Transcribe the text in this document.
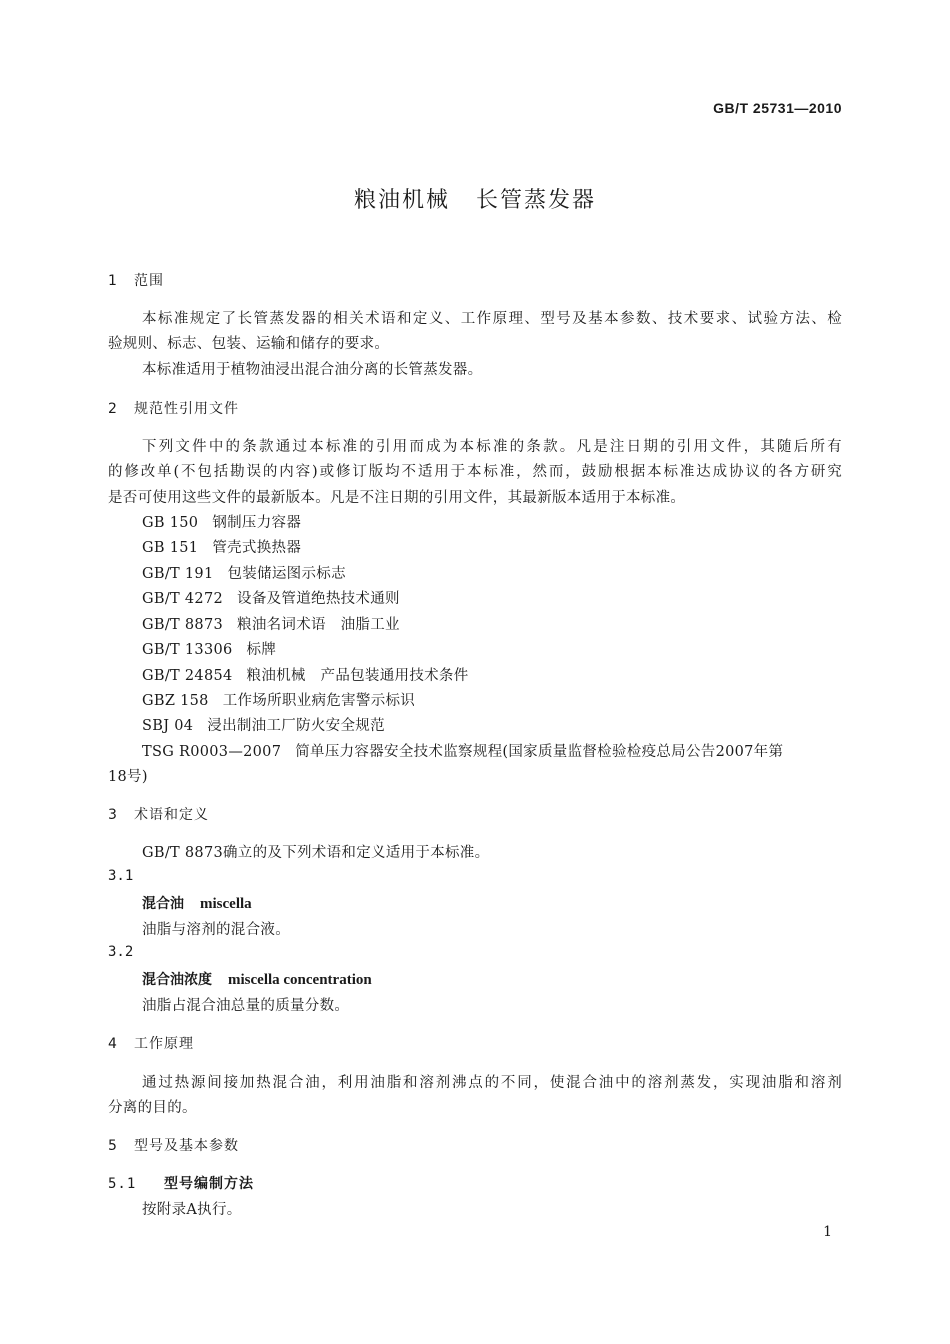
GB/T 25731—2010
粮油机械 长管蒸发器
1 范围
本标准规定了长管蒸发器的相关术语和定义、工作原理、型号及基本参数、技术要求、试验方法、检
验规则、标志、包装、运输和储存的要求。
本标准适用于植物油浸出混合油分离的长管蒸发器。
2 规范性引用文件
下列文件中的条款通过本标准的引用而成为本标准的条款。凡是注日期的引用文件，其随后所有
的修改单(不包括勘误的内容)或修订版均不适用于本标准，然而，鼓励根据本标准达成协议的各方研究
是否可使用这些文件的最新版本。凡是不注日期的引用文件，其最新版本适用于本标准。
GB 150 钢制压力容器
GB 151 管壳式换热器
GB/T 191 包装储运图示标志
GB/T 4272 设备及管道绝热技术通则
GB/T 8873 粮油名词术语　油脂工业
GB/T 13306 标牌
GB/T 24854 粮油机械　产品包装通用技术条件
GBZ 158 工作场所职业病危害警示标识
SBJ 04 浸出制油工厂防火安全规范
TSG R0003—2007 简单压力容器安全技术监察规程(国家质量监督检验检疫总局公告2007年第
18号)
3 术语和定义
GB/T 8873确立的及下列术语和定义适用于本标准。
3.1
混合油 miscella
油脂与溶剂的混合液。
3.2
混合油浓度 miscella concentration
油脂占混合油总量的质量分数。
4 工作原理
通过热源间接加热混合油，利用油脂和溶剂沸点的不同，使混合油中的溶剂蒸发，实现油脂和溶剂
分离的目的。
5 型号及基本参数
5.1 型号编制方法
按附录A执行。
1
